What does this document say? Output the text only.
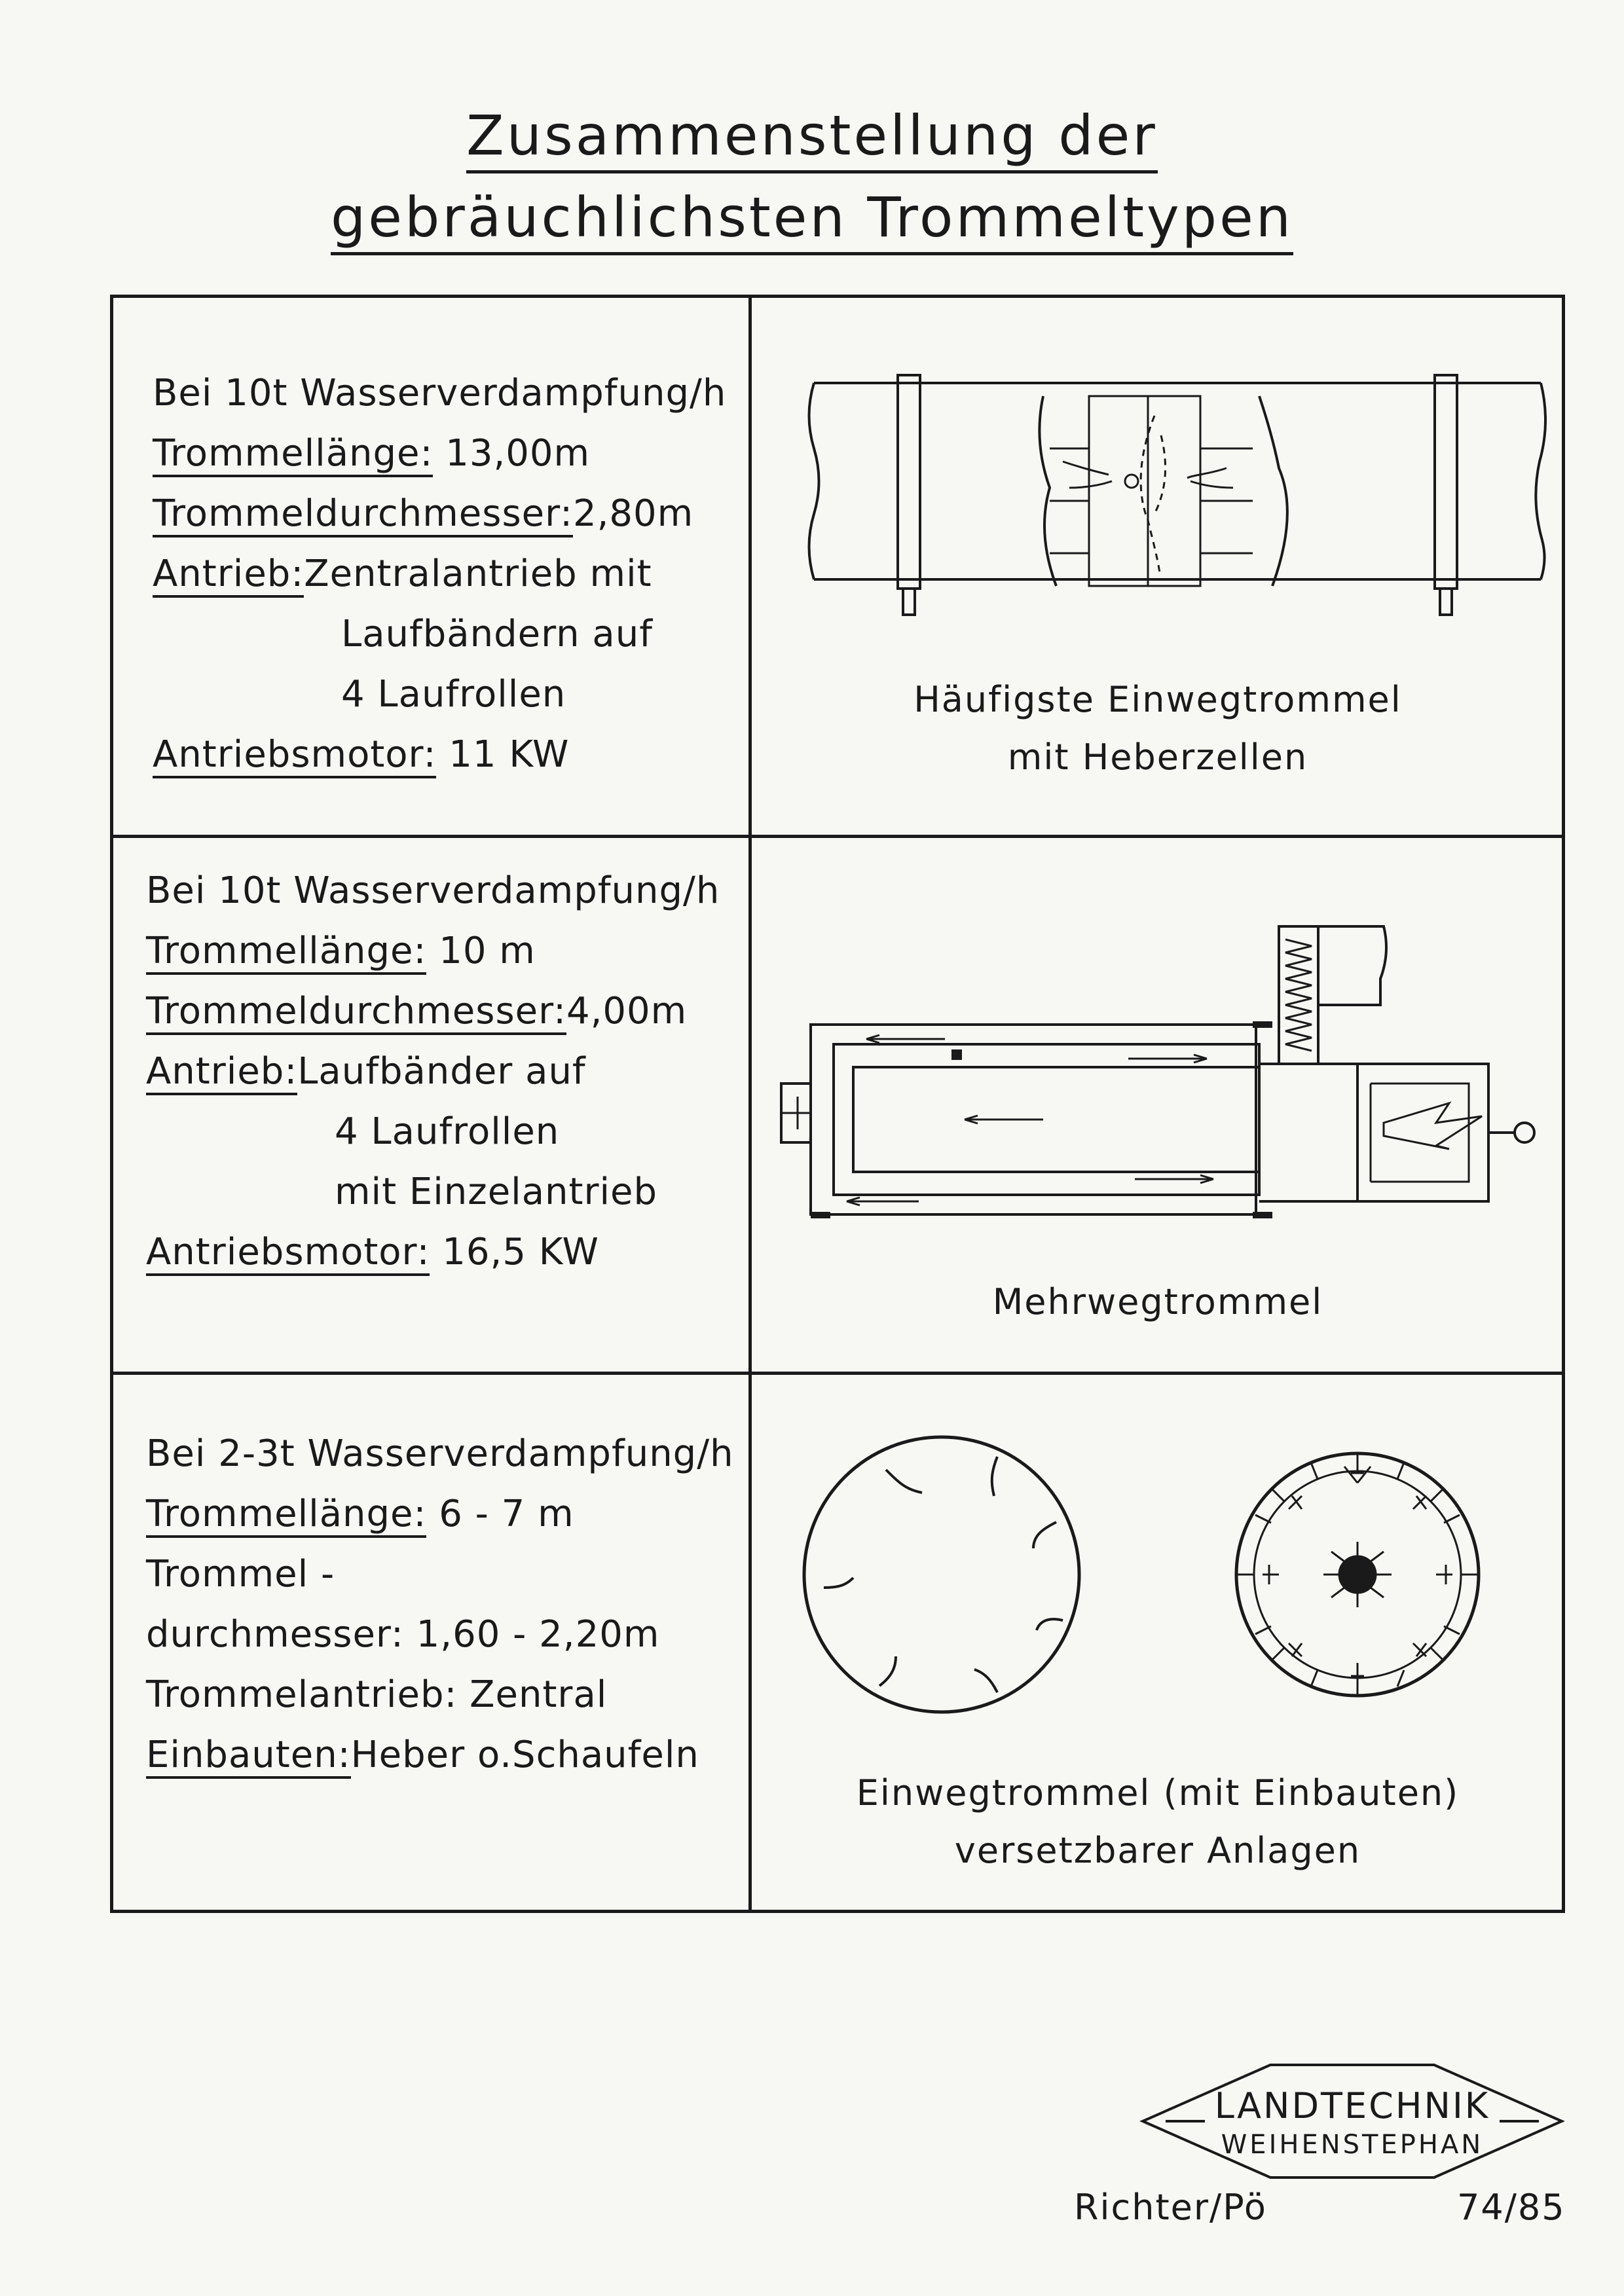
Zusammenstellung der
gebräuchlichsten Trommeltypen
Bei 10t Wasserverdampfung/h
Trommellänge: 13,00m
Trommeldurchmesser:2,80m
Antrieb:Zentralantrieb mit
Laufbändern auf
4 Laufrollen
Antriebsmotor: 11 KW
Häufigste Einwegtrommel
mit Heberzellen
Bei 10t Wasserverdampfung/h
Trommellänge: 10 m
Trommeldurchmesser:4,00m
Antrieb:Laufbänder auf
4 Laufrollen
mit Einzelantrieb
Antriebsmotor: 16,5 KW
Mehrwegtrommel
Bei 2-3t Wasserverdampfung/h
Trommellänge: 6 - 7 m
Trommel -
durchmesser: 1,60 - 2,20m
Trommelantrieb: Zentral
Einbauten:Heber o.Schaufeln
Einwegtrommel (mit Einbauten)
versetzbarer Anlagen
LANDTECHNIK
WEIHENSTEPHAN
Richter/Pö	74/85
